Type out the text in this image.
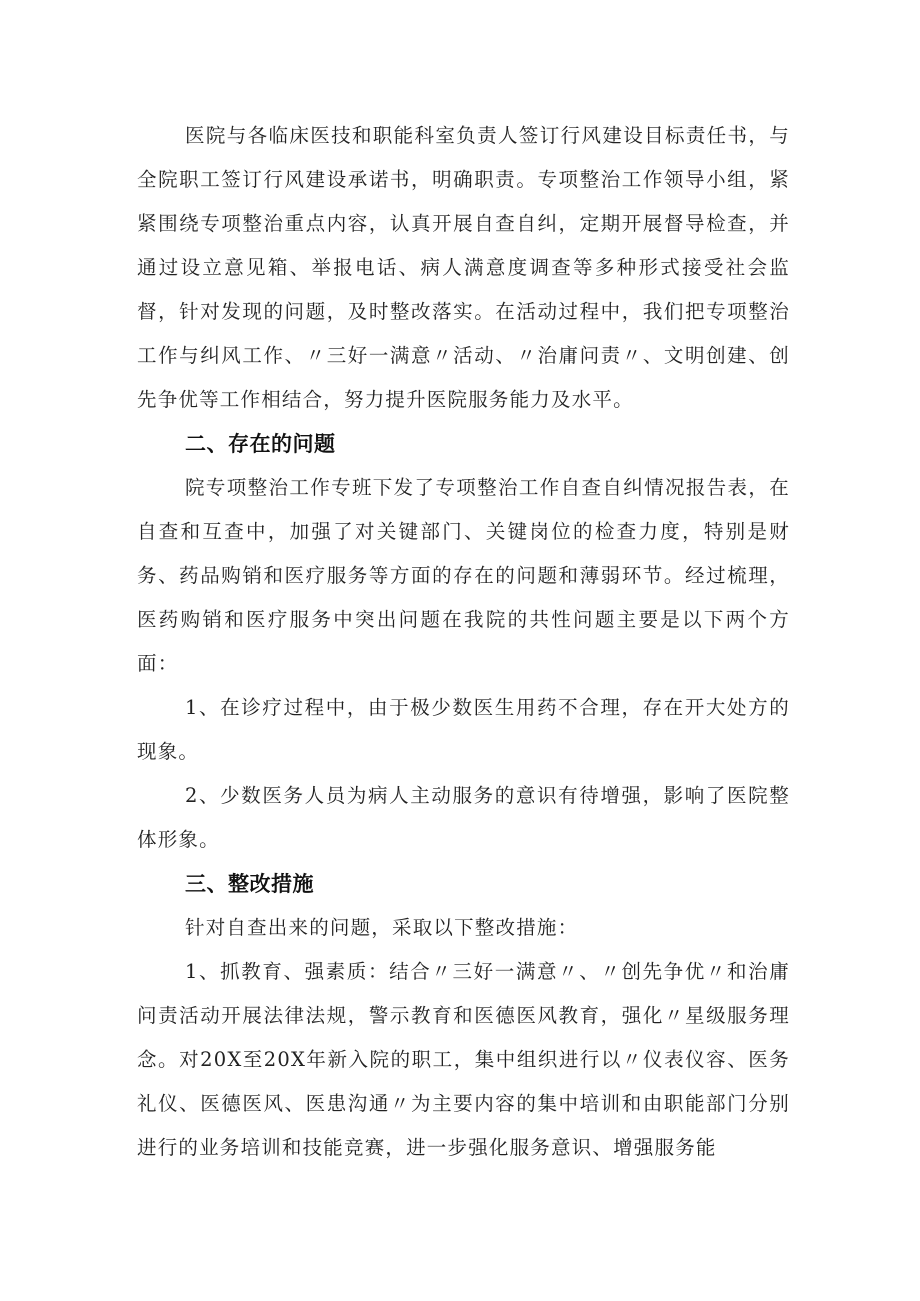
医院与各临床医技和职能科室负责人签订行风建设目标责任书，与全院职工签订行风建设承诺书，明确职责。专项整治工作领导小组，紧紧围绕专项整治重点内容，认真开展自查自纠，定期开展督导检查，并通过设立意见箱、举报电话、病人满意度调查等多种形式接受社会监督，针对发现的问题，及时整改落实。在活动过程中，我们把专项整治工作与纠风工作、〃三好一满意〃活动、〃治庸问责〃、文明创建、创先争优等工作相结合，努力提升医院服务能力及水平。

二、存在的问题

院专项整治工作专班下发了专项整治工作自查自纠情况报告表，在自查和互查中，加强了对关键部门、关键岗位的检查力度，特别是财务、药品购销和医疗服务等方面的存在的问题和薄弱环节。经过梳理，医药购销和医疗服务中突出问题在我院的共性问题主要是以下两个方面：

1、在诊疗过程中，由于极少数医生用药不合理，存在开大处方的现象。

2、少数医务人员为病人主动服务的意识有待增强，影响了医院整体形象。

三、整改措施

针对自查出来的问题，采取以下整改措施：

1、抓教育、强素质：结合〃三好一满意〃、〃创先争优〃和治庸问责活动开展法律法规，警示教育和医德医风教育，强化〃星级服务理念。对20X至20X年新入院的职工，集中组织进行以〃仪表仪容、医务礼仪、医德医风、医患沟通〃为主要内容的集中培训和由职能部门分别进行的业务培训和技能竞赛，进一步强化服务意识、增强服务能
